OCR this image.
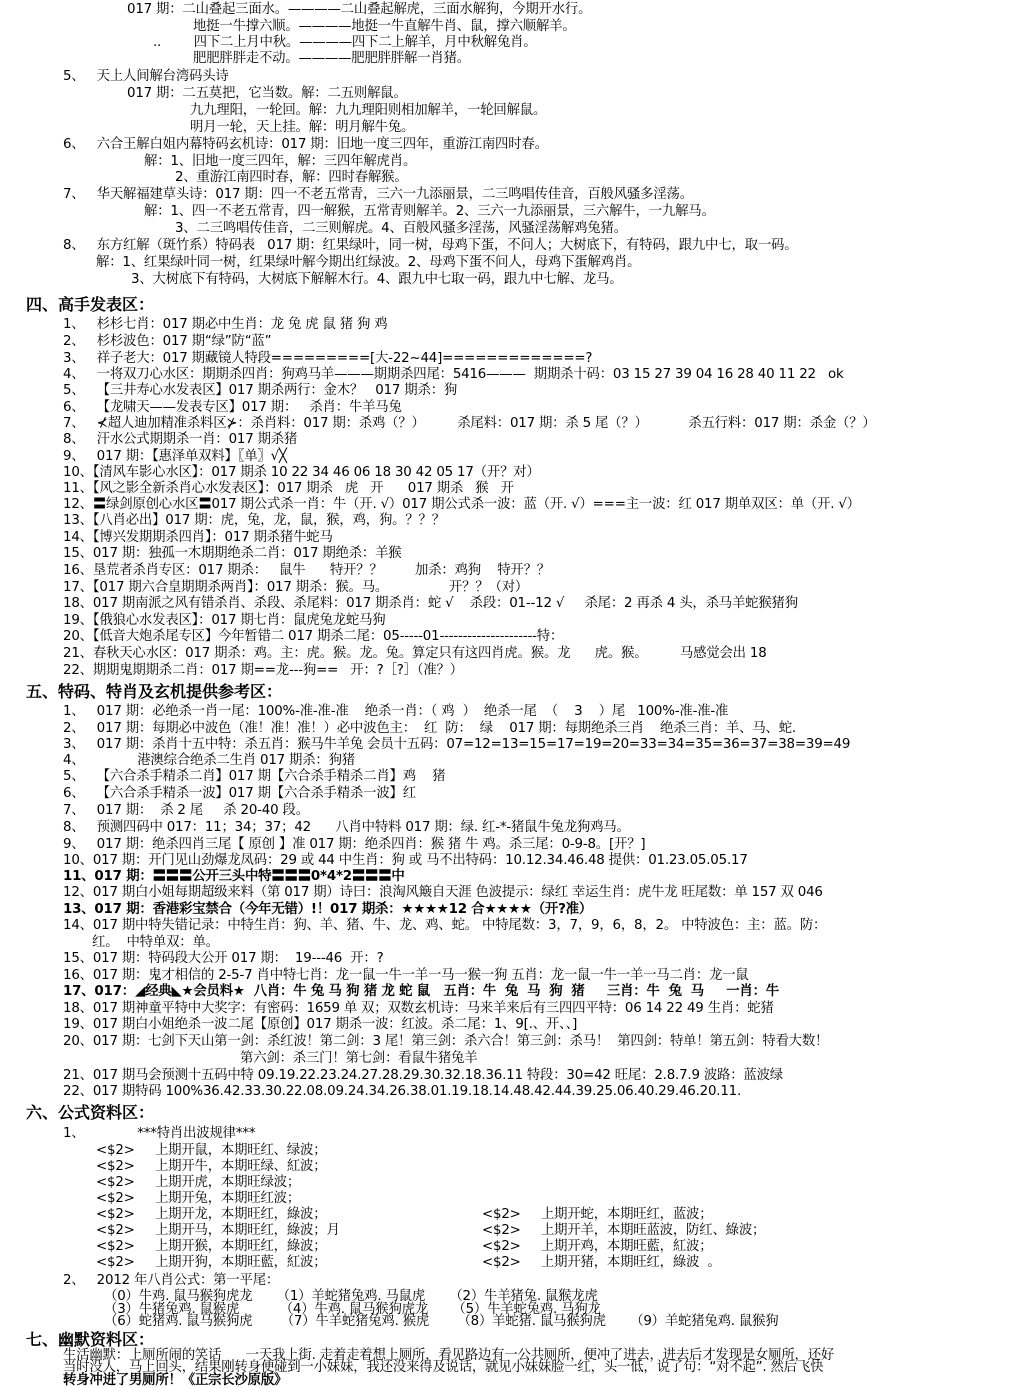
017 期：二山叠起三面水。————二山叠起解虎，三面水解狗，今期开水行。
地挺一牛撑六顺。————地挺一牛直解牛肖、鼠，撑六顺解羊。
..        四下二上月中秋。————四下二上解羊，月中秋解兔肖。
肥肥胖胖走不动。————肥肥胖胖解一肖猪。
5、   天上人间解台湾码头诗
017 期：二五莫把，它当数。解：二五则解鼠。
九九理阳，一轮回。解：九九理阳则相加解羊，一轮回解鼠。
明月一轮，天上挂。解：明月解牛兔。
6、   六合王解白姐内幕特码玄机诗：017 期：旧地一度三四年，重游江南四时春。
解：1、旧地一度三四年，解：三四年解虎肖。
2、重游江南四时春，解：四时春解猴。
7、   华天解福建草头诗：017 期：四一不老五常青，三六一九添丽景，二三鸣唱传佳音，百般风骚多淫荡。
解：1、四一不老五常青，四一解猴，五常青则解羊。2、三六一九添丽景，三六解牛，一九解马。
3、二三鸣唱传佳音，二三则解虎。4、百般风骚多淫荡，风骚淫荡解鸡兔猪。
8、   东方红解（斑竹系）特码表   017 期：红果绿叶，同一树，母鸡下蛋，不问人；大树底下，有特码，跟九中七，取一码。
解：1、红果绿叶同一树，红果绿叶解今期出红绿波。2、母鸡下蛋不问人，母鸡下蛋解鸡肖。
3、大树底下有特码，大树底下解解木行。4、跟九中七取一码，跟九中七解、龙马。
1、   杉杉七肖：017 期必中生肖：龙 兔 虎 鼠 猪 狗 鸡
2、   杉杉波色：017 期“绿”防“蓝”
3、   祥子老大：017 期藏镜人特段=========[大-22~44]=============?
4、   一将双刀心水区：期期杀四肖：狗鸡马羊———期期杀四尾：5416———  期期杀十码：03 15 27 39 04 16 28 40 11 22   ok
5、   【三井寿心水发表区】017 期杀两行：金木？   017 期杀：狗
6、   【龙啸天——发表专区】017 期：   杀肖：牛羊马兔
7、   ⊀超人迪加精准杀料区⊁：杀肖料：017 期：杀鸡（？）        杀尾料：017 期：杀 5 尾（？）          杀五行料：017 期：杀金（？）
8、   汗水公式期期杀一肖：017 期杀猪
9、   017 期：【惠泽单双料】〖单〗√╳
10、【清风车影心水区】：017 期杀 10 22 34 46 06 18 30 42 05 17（开？对）
11、【风之影全新杀肖心水发表区】：017 期杀   虎   开      017 期杀   猴   开
12、〓绿剑原创心水区〓017 期公式杀一肖：牛（开. √）017 期公式杀一波：蓝（开. √）===主一波：红 017 期单双区：单（开. √）
13、【八肖必出】017 期：虎，兔，龙，鼠，猴，鸡，狗。？？？
14、【博兴发期期杀四肖】：017 期杀猪牛蛇马
15、017 期：独孤一木期期绝杀二肖：017 期绝杀：羊猴
16、垦荒者杀肖专区：017 期杀：   鼠牛      特开？？        加杀：鸡狗    特开？？
17、【017 期六合皇期期杀两肖】：017 期杀：猴。马。               开？？（对）
18、017 期南派之风有错杀肖、杀段、杀尾料：017 期杀肖：蛇 √    杀段：01--12 √     杀尾：2 再杀 4 头，杀马羊蛇猴猪狗
19、【俄狼心水发表区】：017 期七肖：鼠虎兔龙蛇马狗
20、【低音大炮杀尾专区】今年暂错二 017 期杀二尾：05-----01---------------------特：
21、春秋天心水区：017 期杀：鸡。主：虎。猴。龙。兔。算定只有这四肖虎。猴。龙      虎。猴。        马感觉会出 18
22、期期鬼期期杀二肖：017 期==龙---狗==   开：?［?］（准？）
1、   017 期：必绝杀一肖一尾：100%-准-准-准    绝杀一肖：（ 鸡  ）  绝杀一尾  （    3    ）尾   100%-准-准-准
2、   017 期：每期必中波色（准！准！准！）必中波色主：  红  防：  绿    017 期：每期绝杀三肖    绝杀三肖：羊、马、蛇.
3、   017 期：杀肖十五中特：杀五肖：猴马牛羊兔 会员十五码：07=12=13=15=17=19=20=33=34=35=36=37=38=39=49
4、             港澳综合绝杀二生肖 017 期杀：狗猪
5、   【六合杀手精杀二肖】017 期【六合杀手精杀二肖】鸡    猪
6、   【六合杀手精杀一波】017 期【六合杀手精杀一波】红
7、   017 期：  杀 2 尾     杀 20-40 段。
8、   预测四码中 017：11；34；37；42      八肖中特料 017 期：绿. 红-*-猪鼠牛兔龙狗鸡马。
9、   017 期：绝杀四肖三尾【 原创 】准 017 期：绝杀四肖：猴 猪 牛 鸡。杀三尾：0-9-8。[开？]
10、017 期：开门见山劲爆龙凤码：29 或 44 中生肖：狗 或 马不出特码：10.12.34.46.48 提供：01.23.05.05.17
11、017 期：〓〓〓公开三头中特〓〓〓0*4*2〓〓〓中
12、017 期白小姐每期超级来料（第 017 期）诗曰：浪淘风簸自天涯 色波提示：绿红 幸运生肖：虎牛龙 旺尾数：单 157 双 046
13、017 期：香港彩宝禁合（今年无错）!！017 期杀：★★★★12 合★★★★（开?准）
14、017 期中特失错记录：中特生肖：狗、羊、猪、牛、龙、鸡、蛇。 中特尾数：3，7，9，6，8，2。 中特波色：主：蓝。防：
红。  中特单双：单。
15、017 期：特码段大公开 017 期：  19---46  开：?
16、017 期：鬼才相信的 2-5-7 肖中特七肖：龙一鼠一牛一羊一马一猴一狗 五肖：龙一鼠一牛一羊一马二肖：龙一鼠
17、017：◢经典◣★会员料★  八肖：牛 兔 马 狗 猪 龙 蛇 鼠   五肖：牛  兔  马  狗  猪     三肖：牛  兔  马     一肖：牛
18、017 期神童平特中大奖字：有密码：1659 单 双；双数玄机诗：马来羊来后有三四四平特：06 14 22 49 生肖：蛇猪
19、017 期白小姐绝杀一波二尾【原创】017 期杀一波：红波。杀二尾：1、9[.、开、、]
20、017 期：七剑下天山第一剑：杀红波！第二剑：3 尾！第三剑：杀六合！第三剑：杀马！  第四剑：特单！第五剑：特看大数！
第六剑：杀三门！第七剑：看鼠牛猪兔羊
21、017 期马会预测十五码中特 09.19.22.23.24.27.28.29.30.32.18.36.11 特段：30=42 旺尾：2.8.7.9 波路：蓝波绿
22、017 期特码 100%36.42.33.30.22.08.09.24.34.26.38.01.19.18.14.48.42.44.39.25.06.40.29.46.20.11.
1、             ***特肖出波规律***
<$2>     上期开鼠，本期旺红、绿波；
<$2>     上期开牛，本期旺绿、紅波；
<$2>     上期开虎，本期旺绿波；
<$2>     上期开兔，本期旺红波；
<$2>     上期开龙，本期旺红，綠波；
<$2>     上期开马，本期旺红，綠波；月
<$2>     上期开猴，本期旺红，綠波；
<$2>     上期开狗，本期旺藍，紅波；
<$2>     上期开蛇，本期旺红，蓝波；
<$2>     上期开羊，本期旺蓝波，防红、綠波；
<$2>     上期开鸡，本期旺藍，紅波；
<$2>     上期开猪，本期旺红，綠波  。
2、   2012 年八肖公式：第一平尾：
（0）牛鸡. 鼠马猴狗虎龙      （1）羊蛇猪兔鸡. 马鼠虎      （2）牛羊猪兔. 鼠猴龙虎
（3）牛猪兔鸡. 鼠猴虎          （4）牛鸡. 鼠马猴狗虎龙      （5）牛羊蛇兔鸡. 马狗龙
（6）蛇猪鸡. 鼠马猴狗虎       （7）牛羊蛇猪兔鸡. 猴虎       （8）羊蛇猪. 鼠马猴狗虎      （9）羊蛇猪兔鸡. 鼠猴狗
生活幽默：上厕所闹的笑话      一天我上街. 走着走着想上厕所，看见路边有一公共厕所，便冲了进去，进去后才发现是女厕所，还好
当时没人，马上回头，结果刚转身便碰到一小妹妹，我还没来得及说话，就见小妹妹脸一红，头一低，说了句：“对不起”. 然后飞快
转身冲进了男厕所！《正宗长沙原版》
四、高手发表区：
五、特码、特肖及玄机提供参考区：
六、公式资料区：
七、幽默资料区：
